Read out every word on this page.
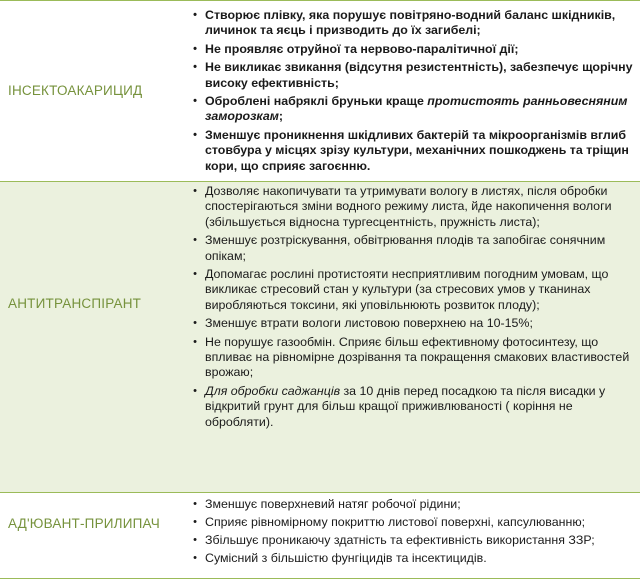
ІНСЕКТОАКАРИЦИД
• Створює плівку, яка порушує повітряно-водний баланс шкідників, личинок та яєць і призводить до їх загибелі;
• Не проявляє отруйної та нервово-паралітичної дії;
• Не викликає звикання (відсутня резистентність), забезпечує щорічну високу ефективність;
• Оброблені набряклі бруньки краще протистоять ранньовесняним заморозкам;
• Зменшує проникнення шкідливих бактерій та мікроорганізмів вглиб стовбура у місцях зрізу культури, механічних пошкоджень та тріщин кори, що сприяє загоєнню.
АНТИТРАНСПІРАНТ
• Дозволяє накопичувати та утримувати вологу в листях, після обробки спостерігаються зміни водного режиму листа, йде накопичення вологи (збільшується відносна тургесцентність, пружність листа);
• Зменшує розтріскування, обвітрювання плодів та запобігає сонячним опікам;
• Допомагає рослині протистояти несприятливим погодним умовам, що викликає стресовий стан у культури (за стресових умов у тканинах виробляються токсини, які уповільнюють розвиток плоду);
• Зменшує втрати вологи листовою поверхнею на 10-15%;
• Не порушує газообмін. Сприяє більш ефективному фотосинтезу, що впливає на рівномірне дозрівання та покращення смакових властивостей врожаю;
• Для обробки саджанців за 10 днів перед посадкою та після висадки у відкритий грунт для більш кращої приживлюваності ( коріння не обробляти).
АД'ЮВАНТ-ПРИЛИПАЧ
• Зменшує поверхневий натяг робочої рідини;
• Сприяє рівномірному покриттю листової поверхні, капсулюванню;
• Збільшує проникаючу здатність та ефективність використання ЗЗР;
• Сумісний з більшістю фунгіцидів та інсектицидів.
